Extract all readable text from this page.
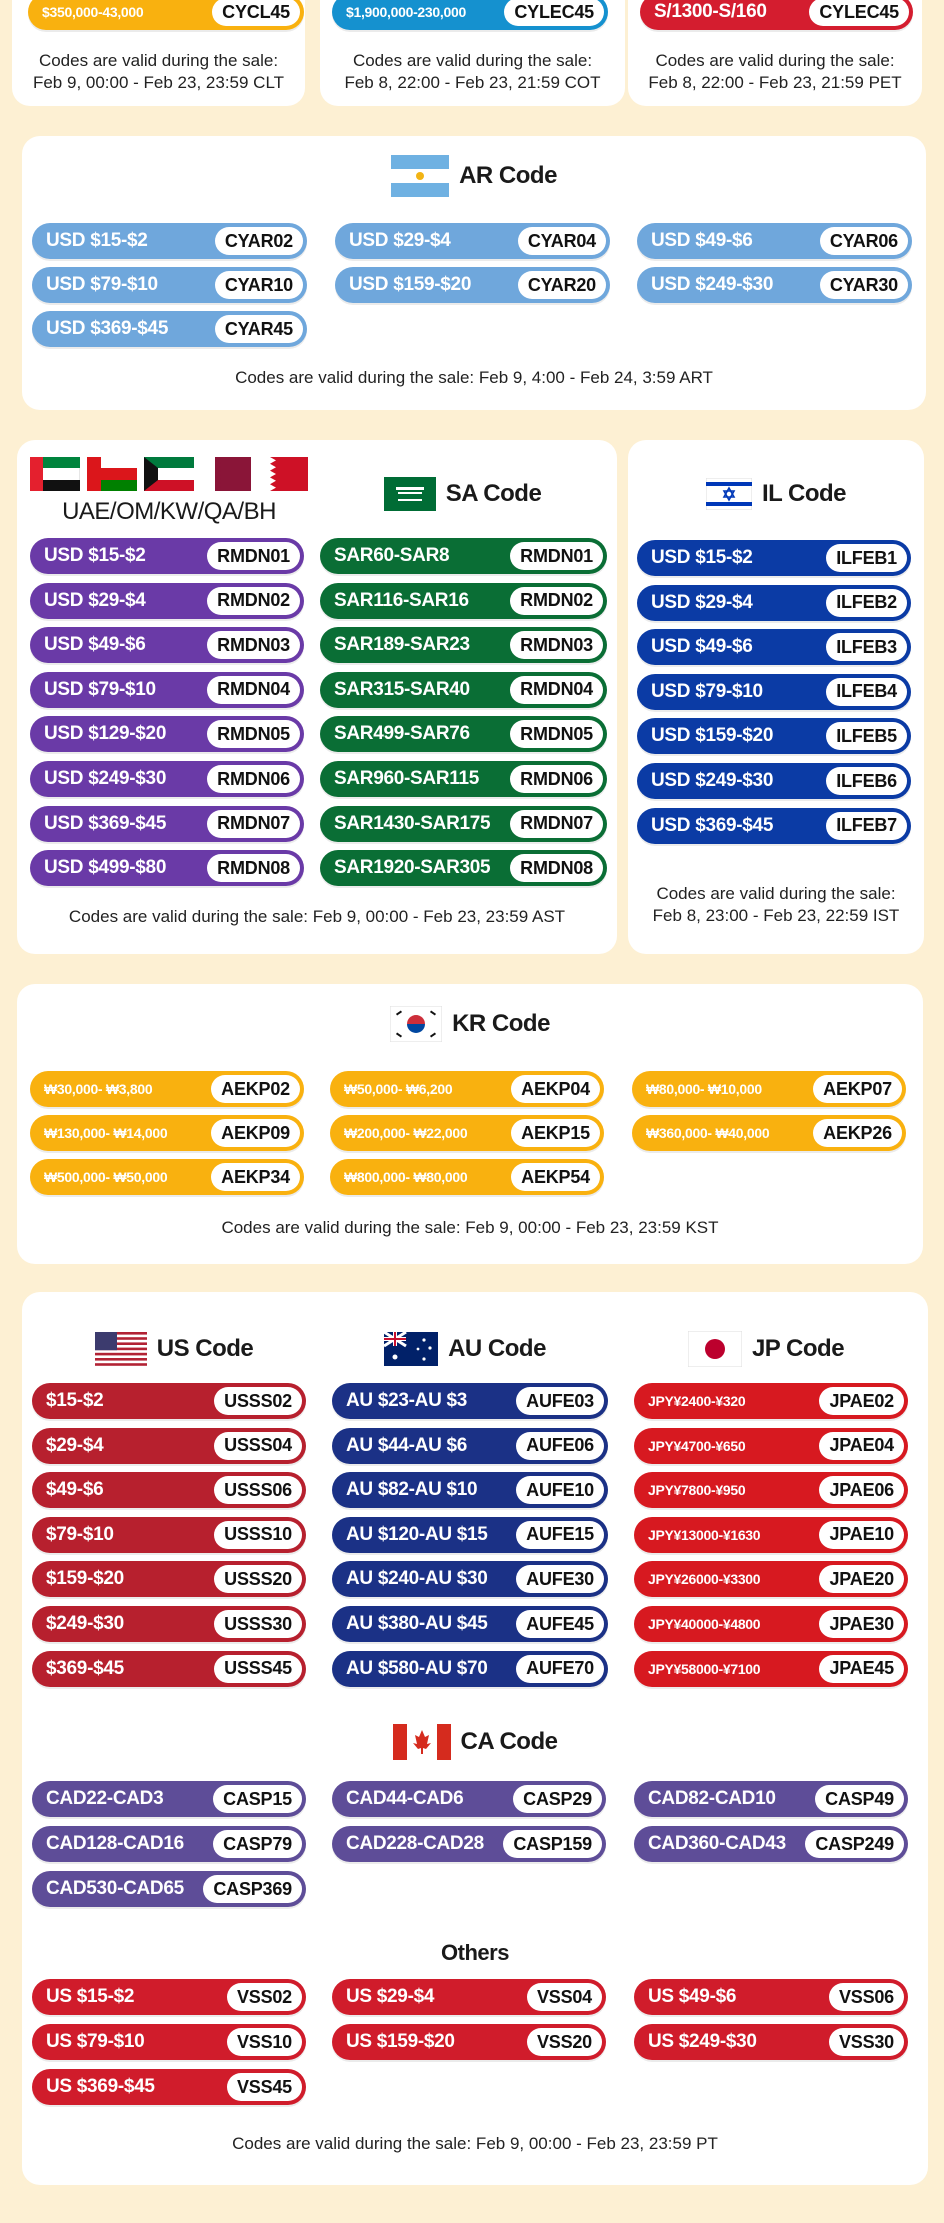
$350,000-43,000	CYCL45	$1,900,000-230,000	CYLEC45	S/1300-S/160	CYLEC45
Codes are valid during the sale:
Feb 9, 00:00 - Feb 23, 23:59 CLT
Codes are valid during the sale:
Feb 8, 22:00 - Feb 23, 21:59 COT
Codes are valid during the sale:
Feb 8, 22:00 - Feb 23, 21:59 PET
AR Code
USD $15-$2	CYAR02	USD $29-$4	CYAR04	USD $49-$6	CYAR06
USD $79-$10	CYAR10	USD $159-$20	CYAR20	USD $249-$30	CYAR30
USD $369-$45	CYAR45
Codes are valid during the sale: Feb 9, 4:00 - Feb 24, 3:59 ART
UAE/OM/KW/QA/BH
SA Code
USD $15-$2	RMDN01
USD $29-$4	RMDN02
USD $49-$6	RMDN03
USD $79-$10	RMDN04
USD $129-$20	RMDN05
USD $249-$30	RMDN06
USD $369-$45	RMDN07
USD $499-$80	RMDN08
SAR60-SAR8	RMDN01
SAR116-SAR16	RMDN02
SAR189-SAR23	RMDN03
SAR315-SAR40	RMDN04
SAR499-SAR76	RMDN05
SAR960-SAR115	RMDN06
SAR1430-SAR175	RMDN07
SAR1920-SAR305	RMDN08
Codes are valid during the sale: Feb 9, 00:00 - Feb 23, 23:59 AST
IL Code
USD $15-$2	ILFEB1
USD $29-$4	ILFEB2
USD $49-$6	ILFEB3
USD $79-$10	ILFEB4
USD $159-$20	ILFEB5
USD $249-$30	ILFEB6
USD $369-$45	ILFEB7
Codes are valid during the sale:
Feb 8, 23:00 - Feb 23, 22:59 IST
KR Code
₩30,000- ₩3,800	AEKP02	₩50,000- ₩6,200	AEKP04	₩80,000- ₩10,000	AEKP07
₩130,000- ₩14,000	AEKP09	₩200,000- ₩22,000	AEKP15	₩360,000- ₩40,000	AEKP26
₩500,000- ₩50,000	AEKP34	₩800,000- ₩80,000	AEKP54
Codes are valid during the sale: Feb 9, 00:00 - Feb 23, 23:59 KST
US Code	AU Code	JP Code
$15-$2	USSS02
$29-$4	USSS04
$49-$6	USSS06
$79-$10	USSS10
$159-$20	USSS20
$249-$30	USSS30
$369-$45	USSS45
AU $23-AU $3	AUFE03
AU $44-AU $6	AUFE06
AU $82-AU $10	AUFE10
AU $120-AU $15	AUFE15
AU $240-AU $30	AUFE30
AU $380-AU $45	AUFE45
AU $580-AU $70	AUFE70
JPY¥2400-¥320	JPAE02
JPY¥4700-¥650	JPAE04
JPY¥7800-¥950	JPAE06
JPY¥13000-¥1630	JPAE10
JPY¥26000-¥3300	JPAE20
JPY¥40000-¥4800	JPAE30
JPY¥58000-¥7100	JPAE45
CA Code
CAD22-CAD3	CASP15	CAD44-CAD6	CASP29	CAD82-CAD10	CASP49
CAD128-CAD16	CASP79	CAD228-CAD28	CASP159	CAD360-CAD43	CASP249
CAD530-CAD65	CASP369
Others
US $15-$2	VSS02	US $29-$4	VSS04	US $49-$6	VSS06
US $79-$10	VSS10	US $159-$20	VSS20	US $249-$30	VSS30
US $369-$45	VSS45
Codes are valid during the sale: Feb 9, 00:00 - Feb 23, 23:59 PT
